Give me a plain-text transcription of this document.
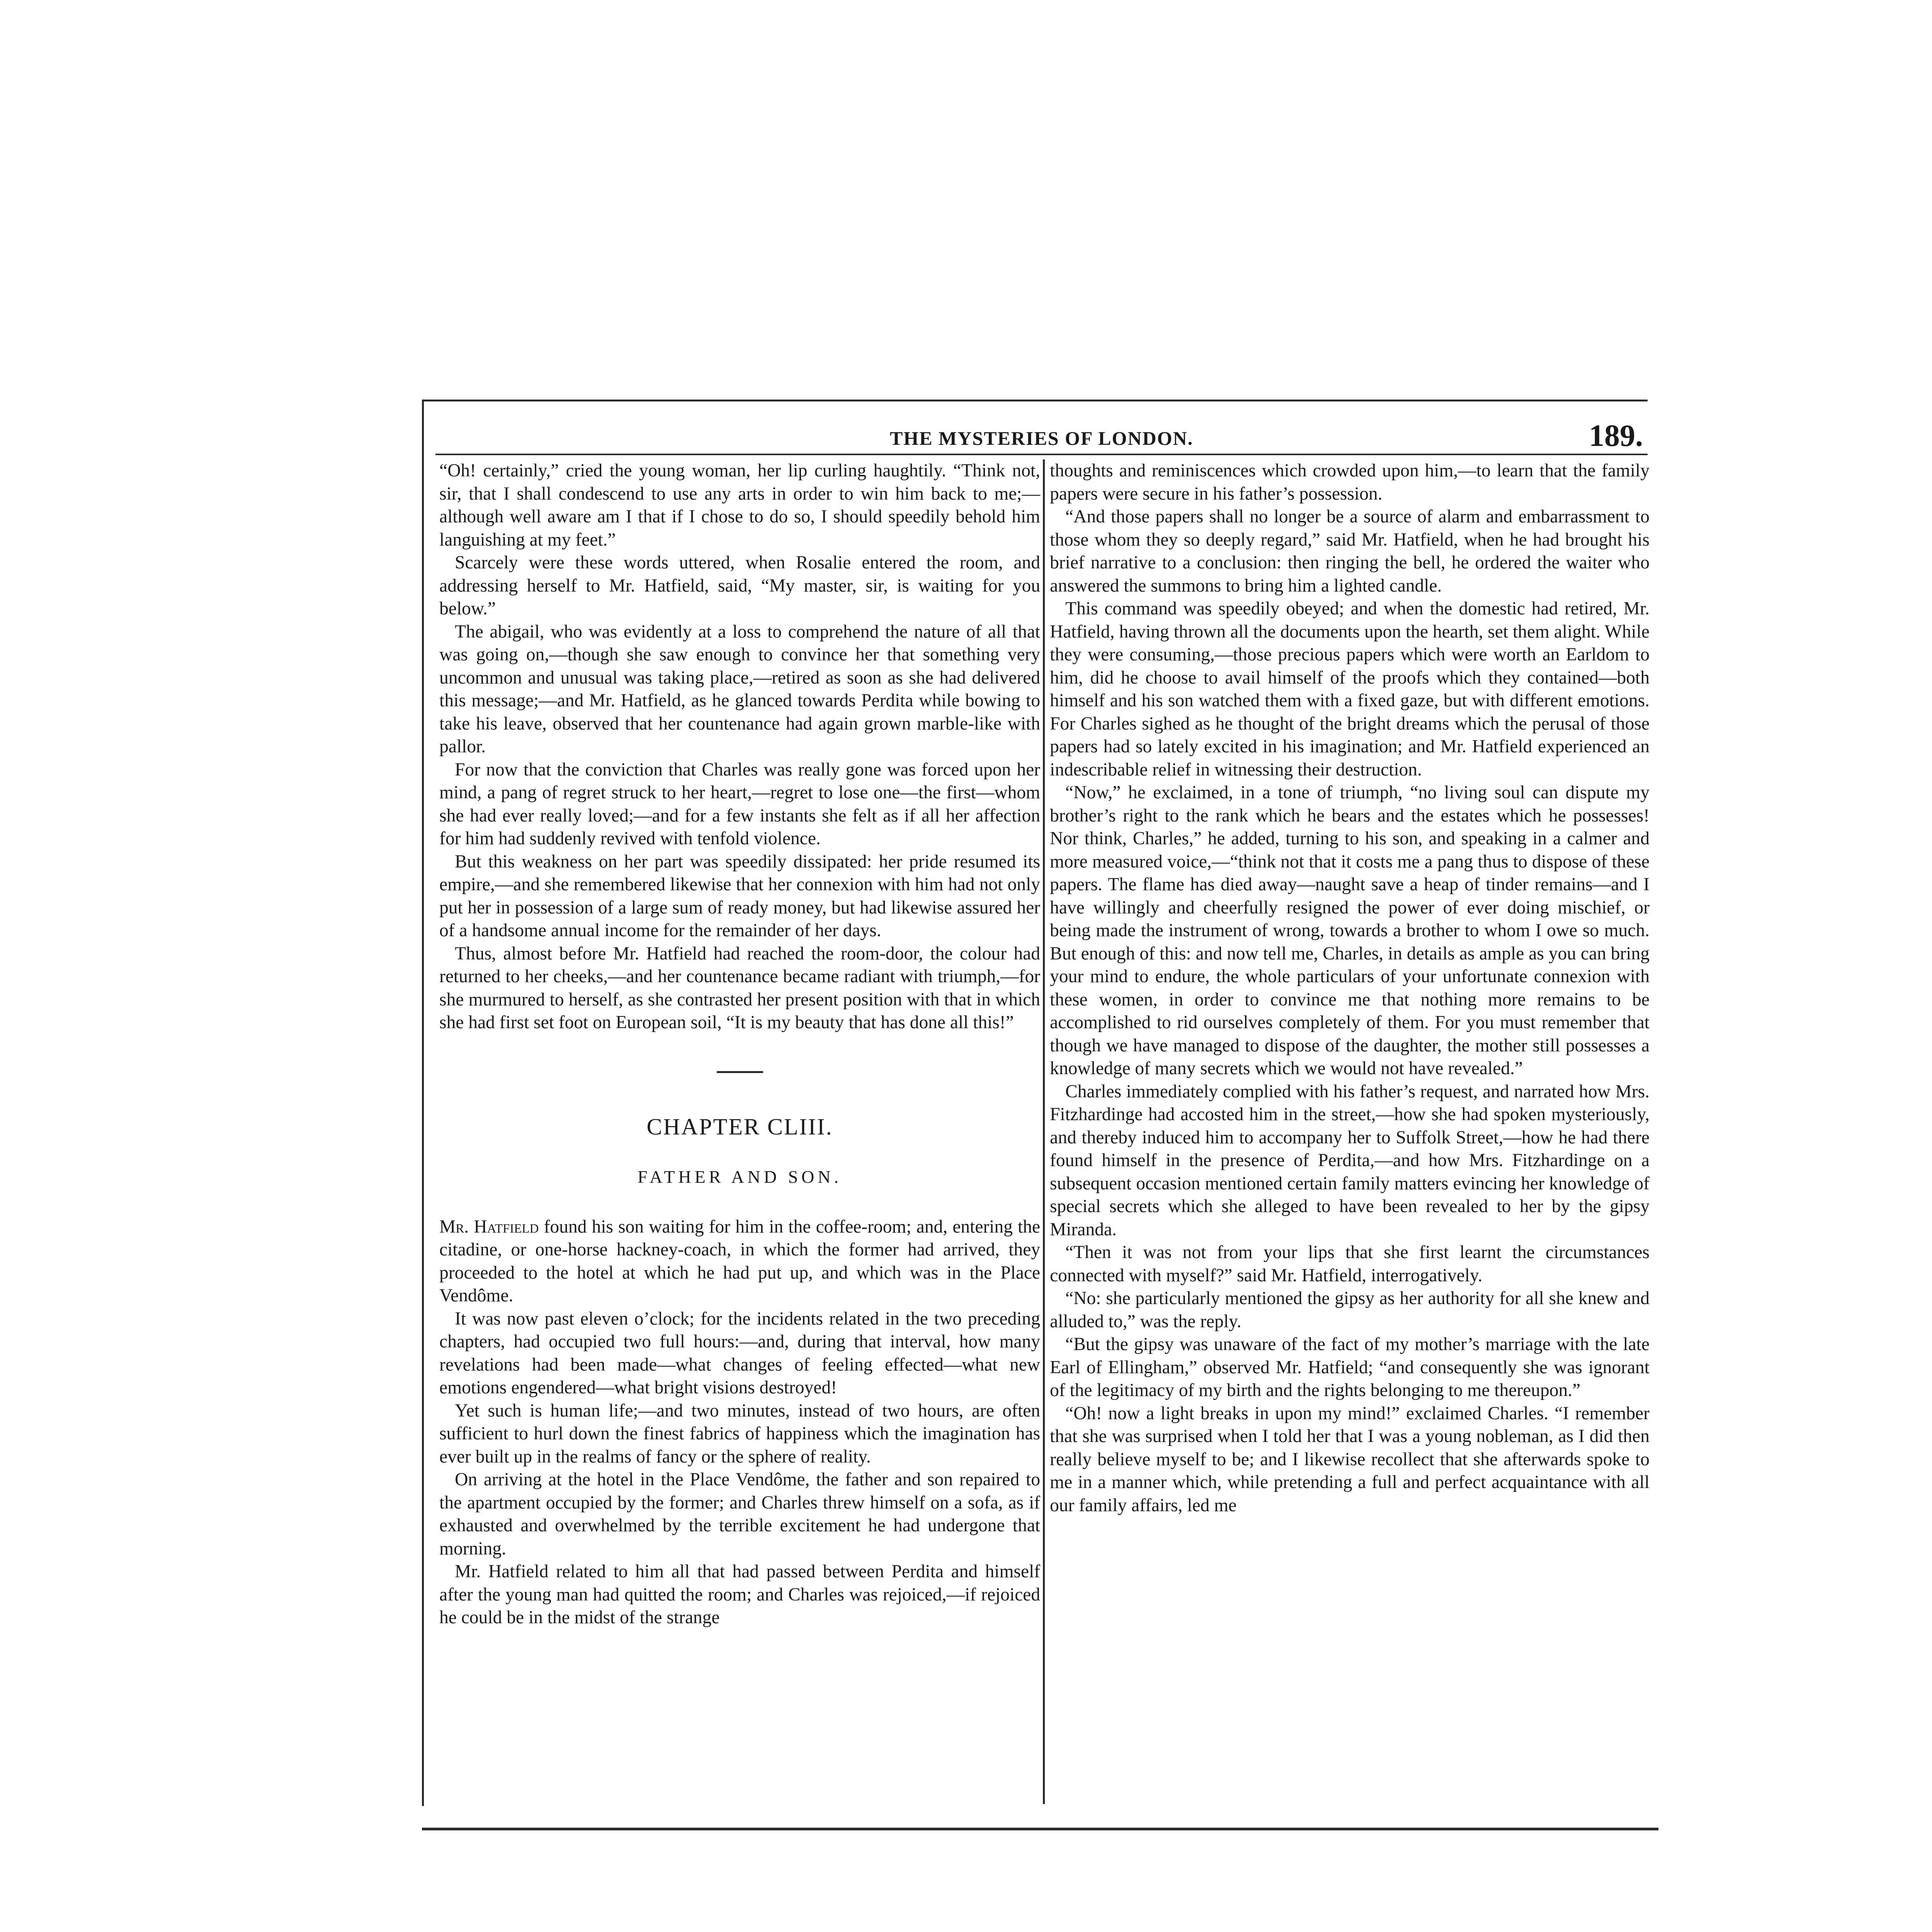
THE MYSTERIES OF LONDON.	189.

“Oh! certainly,” cried the young woman, her lip curling haughtily. “Think not, sir, that I shall condescend to use any arts in order to win him back to me;—although well aware am I that if I chose to do so, I should speedily behold him languishing at my feet.”

Scarcely were these words uttered, when Rosalie entered the room, and addressing herself to Mr. Hatfield, said, “My master, sir, is waiting for you below.”

The abigail, who was evidently at a loss to comprehend the nature of all that was going on,—though she saw enough to convince her that something very uncommon and unusual was taking place,—retired as soon as she had delivered this message;—and Mr. Hatfield, as he glanced towards Perdita while bowing to take his leave, observed that her countenance had again grown marble-like with pallor.

For now that the conviction that Charles was really gone was forced upon her mind, a pang of regret struck to her heart,—regret to lose one—the first—whom she had ever really loved;—and for a few instants she felt as if all her affection for him had suddenly revived with tenfold violence.

But this weakness on her part was speedily dissipated: her pride resumed its empire,—and she remembered likewise that her connexion with him had not only put her in possession of a large sum of ready money, but had likewise assured her of a handsome annual income for the remainder of her days.

Thus, almost before Mr. Hatfield had reached the room-door, the colour had returned to her cheeks,—and her countenance became radiant with triumph,—for she murmured to herself, as she contrasted her present position with that in which she had first set foot on European soil, “It is my beauty that has done all this!”

CHAPTER CLIII.
FATHER AND SON.

Mr. Hatfield found his son waiting for him in the coffee-room; and, entering the citadine, or one-horse hackney-coach, in which the former had arrived, they proceeded to the hotel at which he had put up, and which was in the Place Vendôme.

It was now past eleven o’clock; for the incidents related in the two preceding chapters, had occupied two full hours:—and, during that interval, how many revelations had been made—what changes of feeling effected—what new emotions engendered—what bright visions destroyed!

Yet such is human life;—and two minutes, instead of two hours, are often sufficient to hurl down the finest fabrics of happiness which the imagination has ever built up in the realms of fancy or the sphere of reality.

On arriving at the hotel in the Place Vendôme, the father and son repaired to the apartment occupied by the former; and Charles threw himself on a sofa, as if exhausted and overwhelmed by the terrible excitement he had undergone that morning.

Mr. Hatfield related to him all that had passed between Perdita and himself after the young man had quitted the room; and Charles was rejoiced,—if rejoiced he could be in the midst of the strange

thoughts and reminiscences which crowded upon him,—to learn that the family papers were secure in his father’s possession.

“And those papers shall no longer be a source of alarm and embarrassment to those whom they so deeply regard,” said Mr. Hatfield, when he had brought his brief narrative to a conclusion: then ringing the bell, he ordered the waiter who answered the summons to bring him a lighted candle.

This command was speedily obeyed; and when the domestic had retired, Mr. Hatfield, having thrown all the documents upon the hearth, set them alight. While they were consuming,—those precious papers which were worth an Earldom to him, did he choose to avail himself of the proofs which they contained—both himself and his son watched them with a fixed gaze, but with different emotions. For Charles sighed as he thought of the bright dreams which the perusal of those papers had so lately excited in his imagination; and Mr. Hatfield experienced an indescribable relief in witnessing their destruction.

“Now,” he exclaimed, in a tone of triumph, “no living soul can dispute my brother’s right to the rank which he bears and the estates which he possesses! Nor think, Charles,” he added, turning to his son, and speaking in a calmer and more measured voice,—“think not that it costs me a pang thus to dispose of these papers. The flame has died away—naught save a heap of tinder remains—and I have willingly and cheerfully resigned the power of ever doing mischief, or being made the instrument of wrong, towards a brother to whom I owe so much. But enough of this: and now tell me, Charles, in details as ample as you can bring your mind to endure, the whole particulars of your unfortunate connexion with these women, in order to convince me that nothing more remains to be accomplished to rid ourselves completely of them. For you must remember that though we have managed to dispose of the daughter, the mother still possesses a knowledge of many secrets which we would not have revealed.”

Charles immediately complied with his father’s request, and narrated how Mrs. Fitzhardinge had accosted him in the street,—how she had spoken mysteriously, and thereby induced him to accompany her to Suffolk Street,—how he had there found himself in the presence of Perdita,—and how Mrs. Fitzhardinge on a subsequent occasion mentioned certain family matters evincing her knowledge of special secrets which she alleged to have been revealed to her by the gipsy Miranda.

“Then it was not from your lips that she first learnt the circumstances connected with myself?” said Mr. Hatfield, interrogatively.

“No: she particularly mentioned the gipsy as her authority for all she knew and alluded to,” was the reply.

“But the gipsy was unaware of the fact of my mother’s marriage with the late Earl of Ellingham,” observed Mr. Hatfield; “and consequently she was ignorant of the legitimacy of my birth and the rights belonging to me thereupon.”

“Oh! now a light breaks in upon my mind!” exclaimed Charles. “I remember that she was surprised when I told her that I was a young nobleman, as I did then really believe myself to be; and I likewise recollect that she afterwards spoke to me in a manner which, while pretending a full and perfect acquaintance with all our family affairs, led me
